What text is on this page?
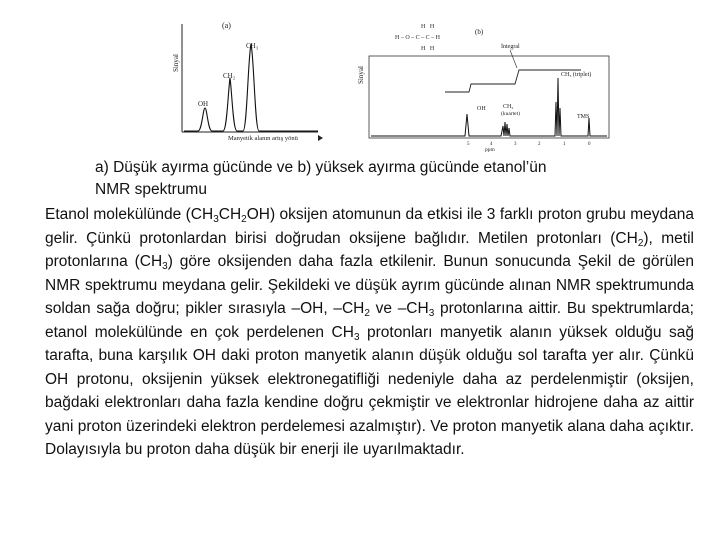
(a)
Sinyal
OH
CH₂
CH₃
Manyetik alanın artış yönü
(b)
H   H
H – O – C – C – H
H   H
Sinyal
İntegral
CH₃ (triplet)
OH	CH₂
(kuartet)	TMS
5	4	3	2	1	0
ppm
a) Düşük ayırma gücünde ve b) yüksek ayırma gücünde etanol’ün
NMR spektrumu

Etanol molekülünde $(CH_3CH_2OH)$ oksijen atomunun da etkisi ile 3 farklı proton grubu meydana gelir. Çünkü protonlardan birisi doğrudan oksijene bağlıdır. Metilen protonları $(CH_2)$, metil protonlarına $(CH_3)$ göre oksijenden daha fazla etkilenir. Bunun sonucunda Şekil de görülen NMR spektrumu meydana gelir. Şekildeki ve düşük ayrım gücünde alınan NMR spektrumunda soldan sağa doğru; pikler sırasıyla –OH, $-CH_2$ ve $-CH_3$ protonlarına aittir. Bu spektrumlarda; etanol molekülünde en çok perdelenen $CH_3$ protonları manyetik alanın yüksek olduğu sağ tarafta, buna karşılık OH daki proton manyetik alanın düşük olduğu sol tarafta yer alır. Çünkü OH protonu, oksijenin yüksek elektronegatifliği nedeniyle daha az perdelenmiştir (oksijen, bağdaki elektronları daha fazla kendine doğru çekmiştir ve elektronlar hidrojene daha az aittir yani proton üzerindeki elektron perdelemesi azalmıştır). Ve proton manyetik alana daha açıktır. Dolayısıyla bu proton daha düşük bir enerji ile uyarılmaktadır.
